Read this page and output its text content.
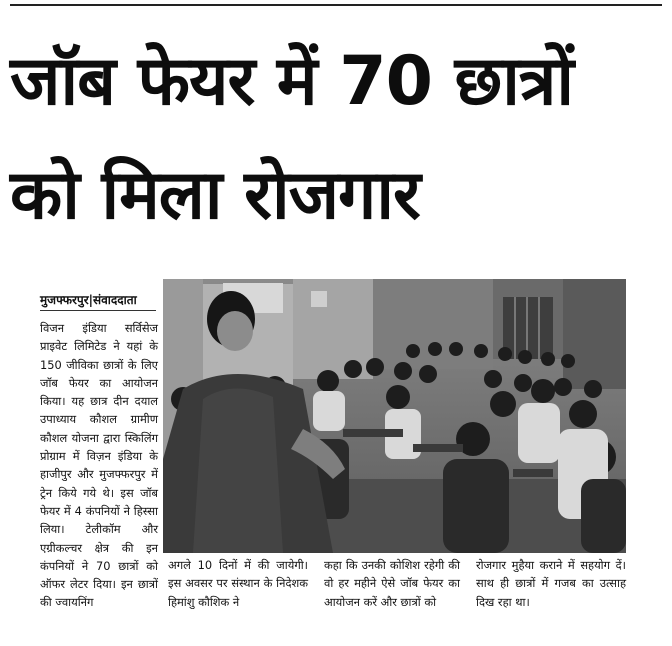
जॉब फेयर में 70 छात्रों
को मिला रोजगार
मुजफ्फरपुर|संवाददाता

विजन इंडिया सर्विसेज प्राइवेट लिमिटेड ने यहां के 150 जीविका छात्रों के लिए जॉब फेयर का आयोजन किया। यह छात्र दीन दयाल उपाध्याय कौशल ग्रामीण कौशल योजना द्वारा स्किलिंग प्रोग्राम में विज़न इंडिया के हाजीपुर और मुजफ्फरपुर में ट्रेन किये गये थे। इस जॉब फेयर में 4 कंपनियों ने हिस्सा लिया। टेलीकॉम और एग्रीकल्चर क्षेत्र की इन कंपनियों ने 70 छात्रों को ऑफर लेटर दिया। इन छात्रों की ज्वायनिंग

अगले 10 दिनों में की जायेगी। इस अवसर पर संस्थान के निदेशक हिमांशु कौशिक ने

कहा कि उनकी कोशिश रहेगी की वो हर महीने ऐसे जॉब फेयर का आयोजन करें और छात्रों को

रोजगार मुहैया कराने में सहयोग दें। साथ ही छात्रों में गजब का उत्साह दिख रहा था।
